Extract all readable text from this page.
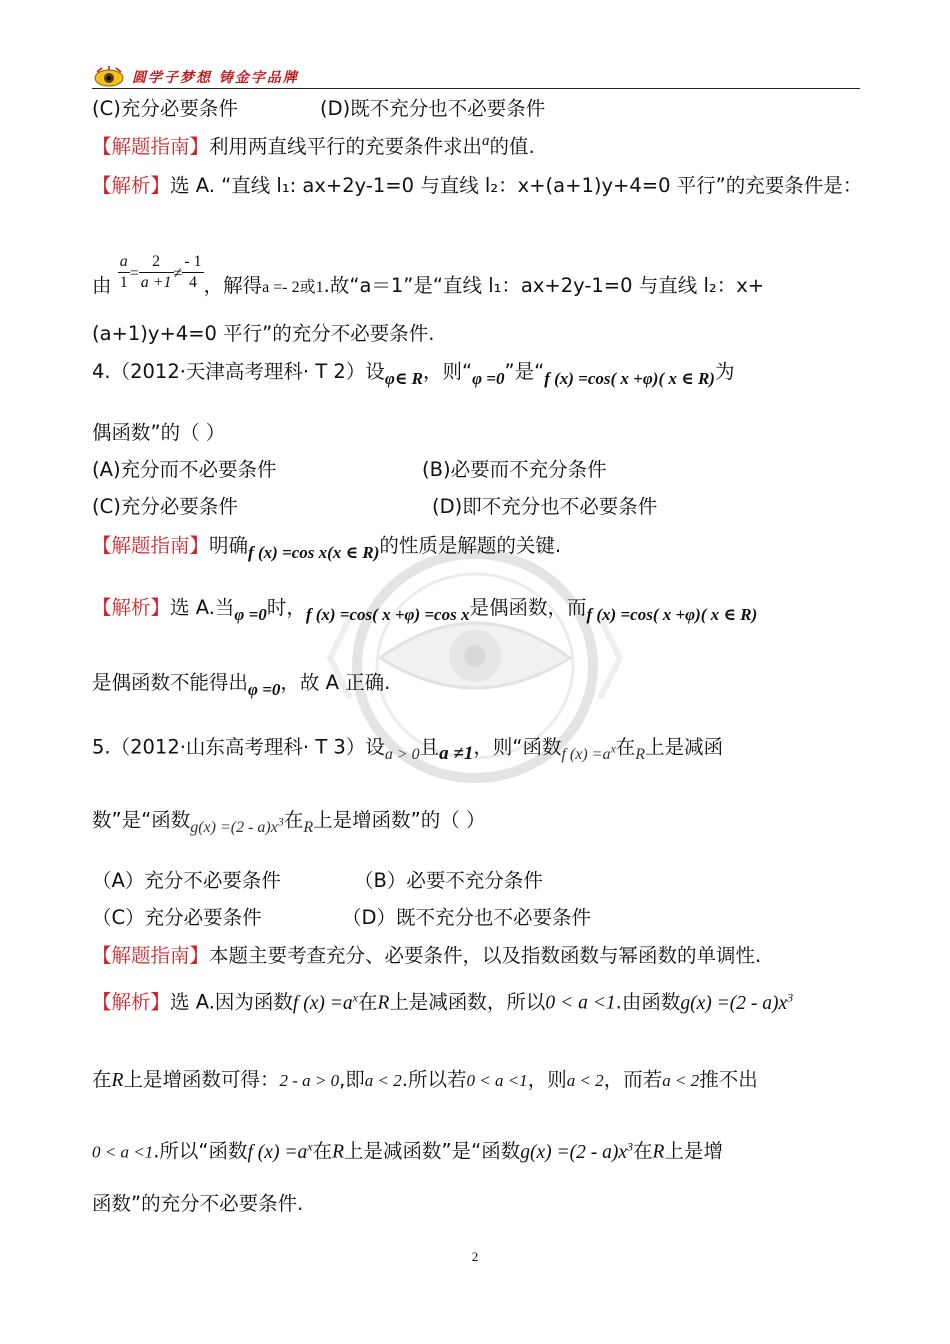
圆学子梦想 铸金字品牌
(C)充分必要条件	(D)既不充分也不必要条件
【解题指南】利用两直线平行的充要条件求出$^a$的值.
【解析】选 A. “直线 l₁: ax+2y-1=0 与直线 l₂：x+(a+1)y+4=0 平行”的充要条件是：
由 $\frac{a}{1} ^= \frac{2}{a +1} ^\ne \frac{- 1}{4}$ ，解得a =- 2或1.故“a＝1”是“直线 l₁：ax+2y-1=0 与直线 l₂：x+
(a+1)y+4=0 平行”的充分不必要条件.
4.（2012·天津高考理科· T 2）设φ∈ R，则“φ =0”是“f (x) =cos( x +φ)( x ∈ R)为
偶函数”的（ ）
(A)充分而不必要条件	(B)必要而不充分条件
(C)充分必要条件	(D)即不充分也不必要条件
【解题指南】明确f (x) =cos x(x ∈ R)的性质是解题的关键.
【解析】选 A.当φ =0时，f (x) =cos( x +φ) =cos x是偶函数，而f (x) =cos( x +φ)( x ∈ R)
是偶函数不能得出φ =0，故 A 正确.
5.（2012·山东高考理科· T 3）设$_{a > 0}$且a ≠1，则“函数$_{f (x) =a^x}$在$_R$上是减函
数”是“函数$_{g(x) =(2 - a)x^3}$在$_R$上是增函数”的（ ）
（A）充分不必要条件	（B）必要不充分条件
（C）充分必要条件	（D）既不充分也不必要条件
【解题指南】本题主要考查充分、必要条件，以及指数函数与幂函数的单调性.
【解析】选 A.因为函数f $(x) =a^x$在R上是减函数，所以0 < a <1.由函数$g(x) =(2 - a)x^3$
在R上是增函数可得：2 - a > 0,即a < 2.所以若0 < a <1，则a < 2，而若a < 2推不出
0 < a <1.所以“函数f $(x) =a^x$在R上是减函数”是“函数$g(x) =(2 - a)x^3$在R上是增
函数”的充分不必要条件.
2
